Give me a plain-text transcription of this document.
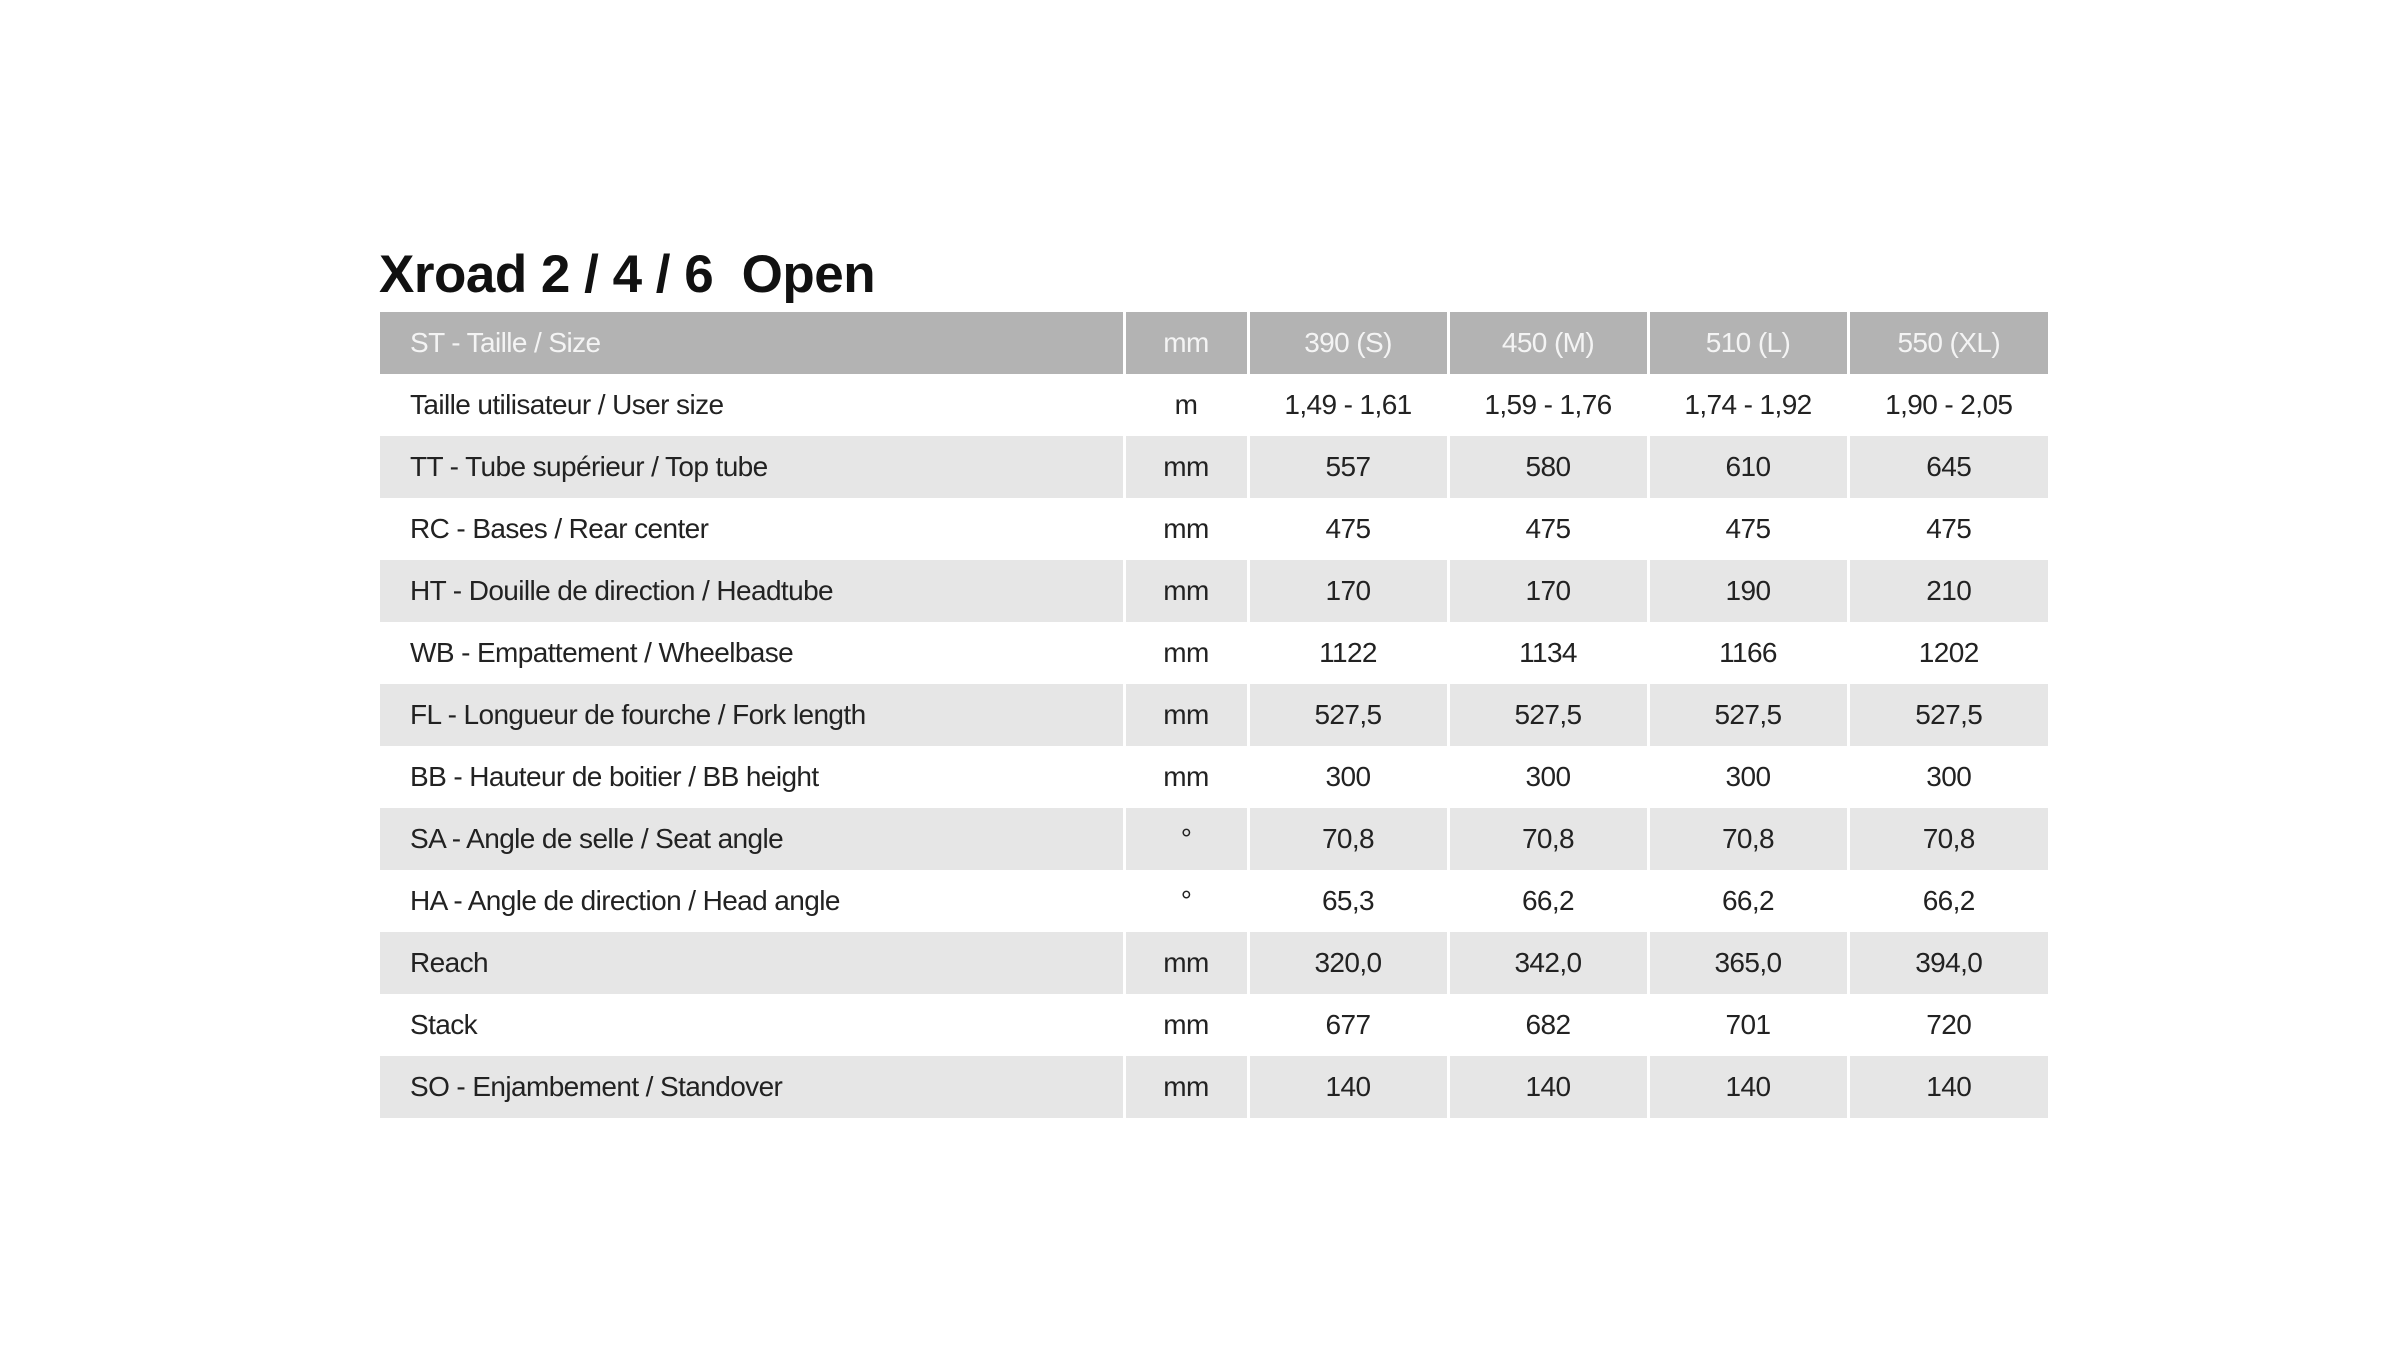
Xroad 2 / 4 / 6  Open
ST - Taille / Size	mm	390 (S)	450 (M)	510 (L)	550 (XL)
Taille utilisateur / User size	m	1,49 - 1,61	1,59 - 1,76	1,74 - 1,92	1,90 - 2,05
TT - Tube supérieur / Top tube	mm	557	580	610	645
RC - Bases / Rear center	mm	475	475	475	475
HT - Douille de direction / Headtube	mm	170	170	190	210
WB - Empattement / Wheelbase	mm	1122	1134	1166	1202
FL - Longueur de fourche / Fork length	mm	527,5	527,5	527,5	527,5
BB - Hauteur de boitier / BB height	mm	300	300	300	300
SA - Angle de selle / Seat angle	°	70,8	70,8	70,8	70,8
HA - Angle de direction / Head angle	°	65,3	66,2	66,2	66,2
Reach	mm	320,0	342,0	365,0	394,0
Stack	mm	677	682	701	720
SO - Enjambement / Standover	mm	140	140	140	140
